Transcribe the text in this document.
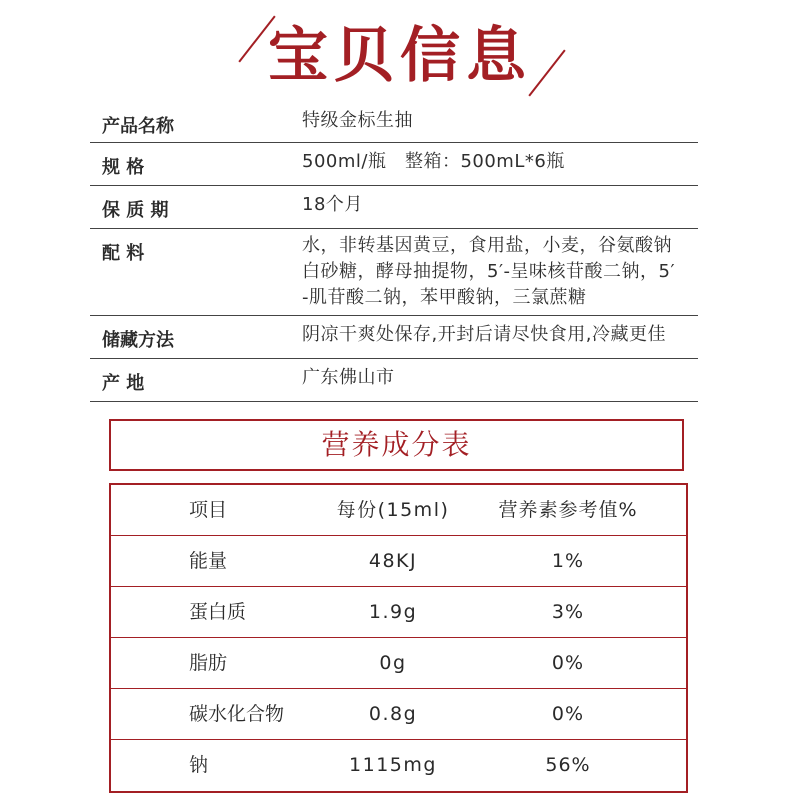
宝贝信息
产品名称	特级金标生抽
规 格	500ml/瓶　整箱：500mL*6瓶
保 质 期	18个月
配 料	水，非转基因黄豆，食用盐，小麦，谷氨酸钠
白砂糖，酵母抽提物，5′-呈味核苷酸二钠，5′
-肌苷酸二钠，苯甲酸钠，三氯蔗糖
储藏方法	阴凉干爽处保存,开封后请尽快食用,冷藏更佳
产 地	广东佛山市
营养成分表
项目	每份(15ml)	营养素参考值%
能量	48KJ	1%
蛋白质	1.9g	3%
脂肪	0g	0%
碳水化合物	0.8g	0%
钠	1115mg	56%
